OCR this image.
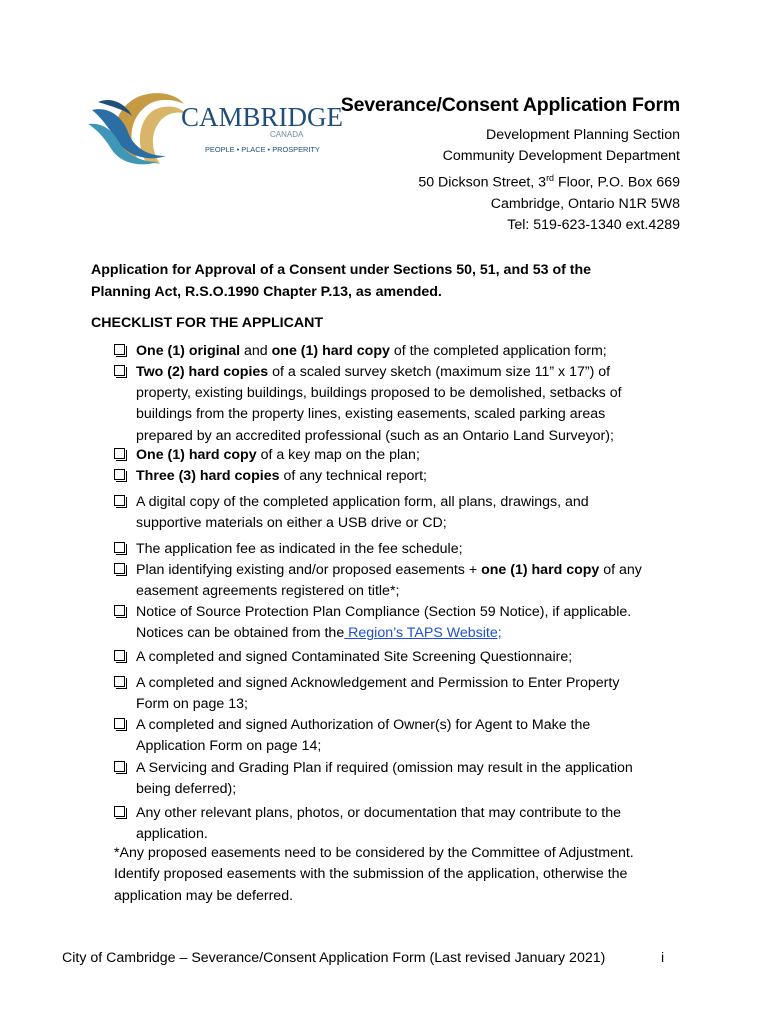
CAMBRIDGE
CANADA
PEOPLE • PLACE • PROSPERITY
Severance/Consent Application Form
Development Planning Section
Community Development Department
50 Dickson Street, 3rd Floor, P.O. Box 669
Cambridge, Ontario N1R 5W8
Tel: 519-623-1340 ext.4289
Application for Approval of a Consent under Sections 50, 51, and 53 of the
Planning Act, R.S.O.1990 Chapter P.13, as amended.
CHECKLIST FOR THE APPLICANT
One (1) original and one (1) hard copy of the completed application form;
Two (2) hard copies of a scaled survey sketch (maximum size 11” x 17”) of
property, existing buildings, buildings proposed to be demolished, setbacks of
buildings from the property lines, existing easements, scaled parking areas
prepared by an accredited professional (such as an Ontario Land Surveyor);
One (1) hard copy of a key map on the plan;
Three (3) hard copies of any technical report;
A digital copy of the completed application form, all plans, drawings, and
supportive materials on either a USB drive or CD;
The application fee as indicated in the fee schedule;
Plan identifying existing and/or proposed easements + one (1) hard copy of any
easement agreements registered on title*;
Notice of Source Protection Plan Compliance (Section 59 Notice), if applicable.
Notices can be obtained from the Region’s TAPS Website;
A completed and signed Contaminated Site Screening Questionnaire;
A completed and signed Acknowledgement and Permission to Enter Property
Form on page 13;
A completed and signed Authorization of Owner(s) for Agent to Make the
Application Form on page 14;
A Servicing and Grading Plan if required (omission may result in the application
being deferred);
Any other relevant plans, photos, or documentation that may contribute to the
application.
*Any proposed easements need to be considered by the Committee of Adjustment.
Identify proposed easements with the submission of the application, otherwise the
application may be deferred.
City of Cambridge – Severance/Consent Application Form (Last revised January 2021)	i
